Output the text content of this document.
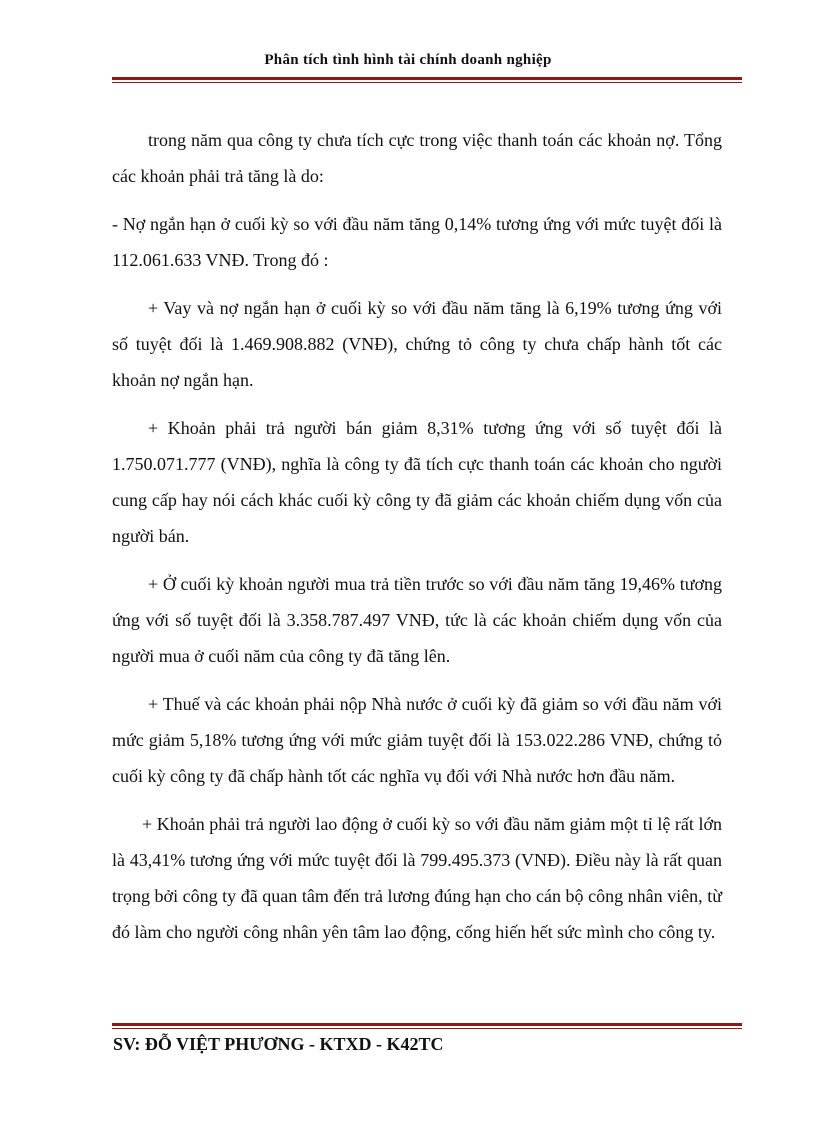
Phân tích tình hình tài chính doanh nghiệp

trong năm qua công ty chưa tích cực trong việc thanh toán các khoản nợ. Tổng các khoản phải trả tăng là do:

- Nợ ngắn hạn ở cuối kỳ so với đầu năm tăng 0,14% tương ứng với mức tuyệt đối là 112.061.633 VNĐ. Trong đó :

+ Vay và nợ ngắn hạn ở cuối kỳ so với đầu năm tăng là 6,19% tương ứng với số tuyệt đối là 1.469.908.882 (VNĐ), chứng tỏ công ty chưa chấp hành tốt các khoản nợ ngắn hạn.

+ Khoản phải trả người bán giảm 8,31% tương ứng với số tuyệt đối là 1.750.071.777 (VNĐ), nghĩa là công ty đã tích cực thanh toán các khoản cho người cung cấp hay nói cách khác cuối kỳ công ty đã giảm các khoản chiếm dụng vốn của người bán.

+ Ở cuối kỳ khoản người mua trả tiền trước so với đầu năm tăng 19,46% tương ứng với số tuyệt đối là 3.358.787.497 VNĐ, tức là các khoản chiếm dụng vốn của người mua ở cuối năm của công ty đã tăng lên.

+ Thuế và các khoản phải nộp Nhà nước ở cuối kỳ đã giảm so với đầu năm với mức giảm 5,18% tương ứng với mức giảm tuyệt đối là 153.022.286 VNĐ, chứng tỏ cuối kỳ công ty đã chấp hành tốt các nghĩa vụ đối với Nhà nước hơn đầu năm.

+ Khoản phải trả người lao động ở cuối kỳ so với đầu năm giảm một tỉ lệ rất lớn là 43,41% tương ứng với mức tuyệt đối là 799.495.373 (VNĐ). Điều này là rất quan trọng bởi công ty đã quan tâm đến trả lương đúng hạn cho cán bộ công nhân viên, từ đó làm cho người công nhân yên tâm lao động, cống hiến hết sức mình cho công ty.

SV: ĐỖ VIỆT PHƯƠNG - KTXD - K42TC
